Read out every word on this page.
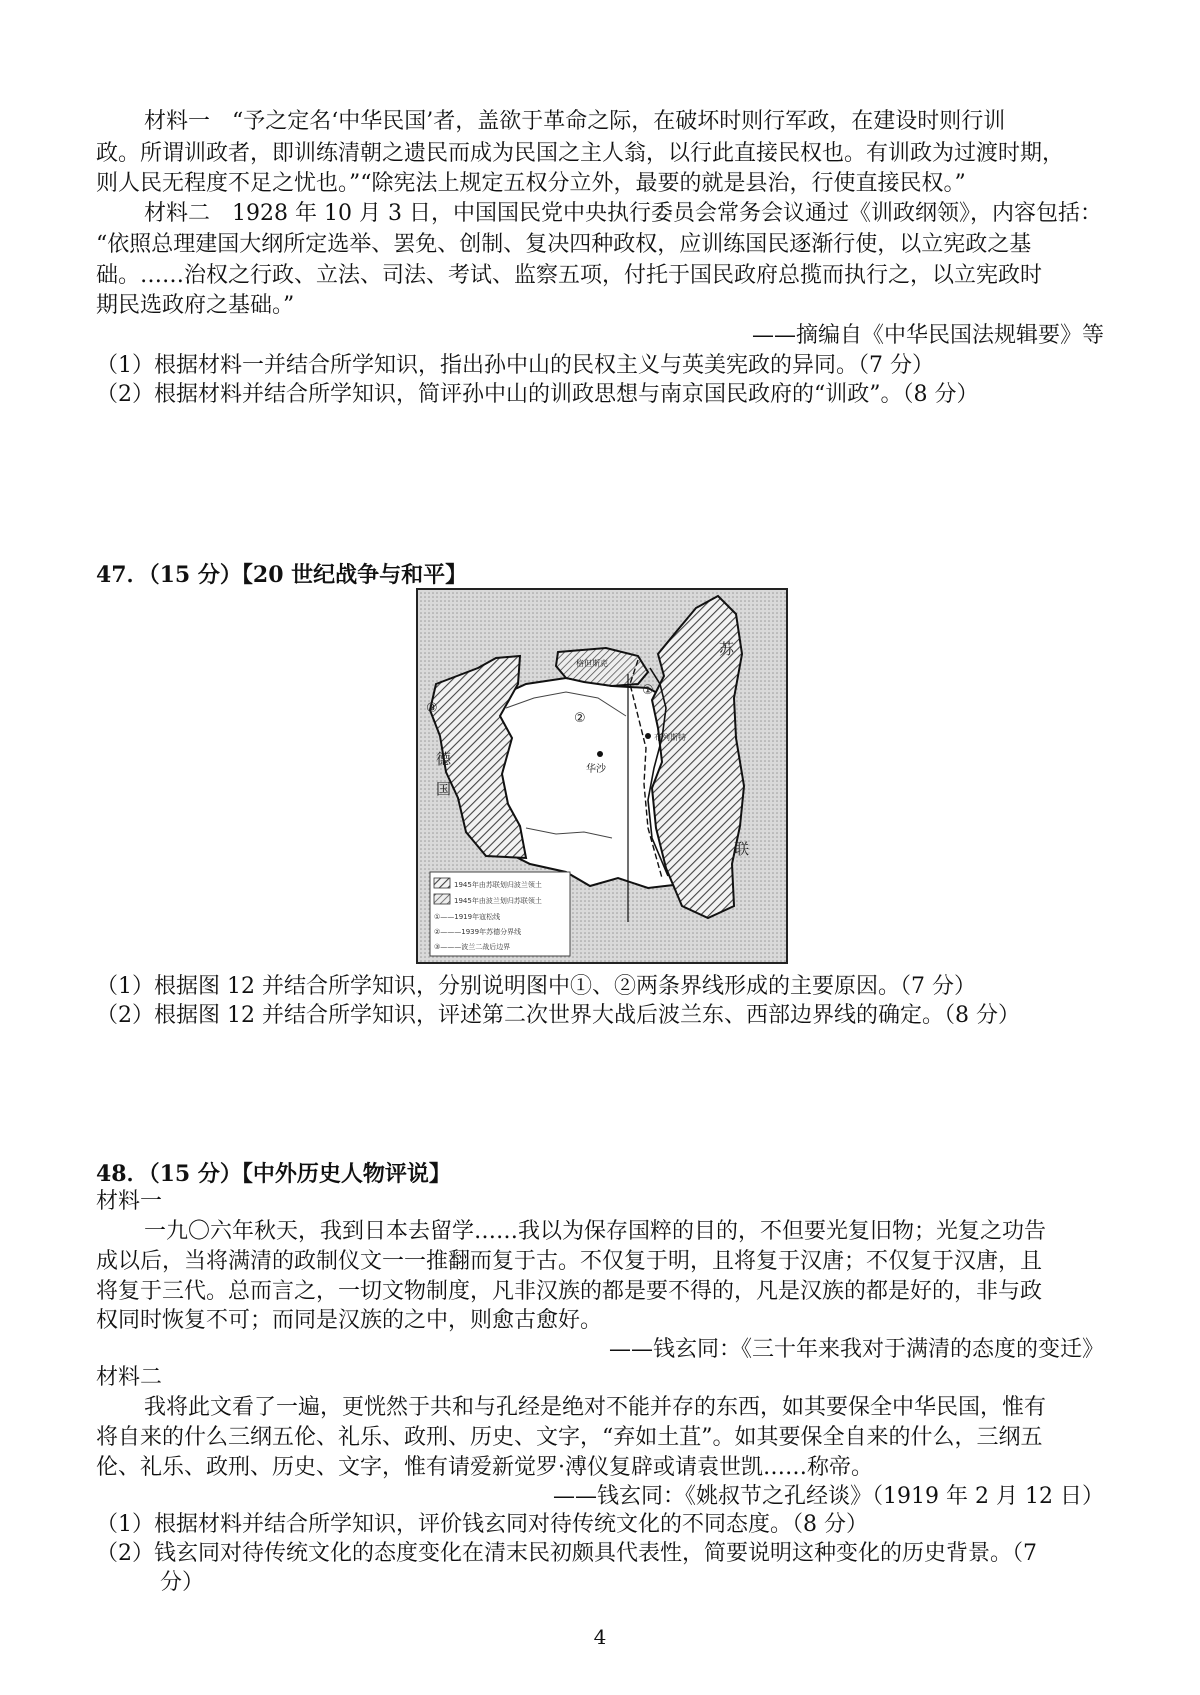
材料一　“予之定名‘中华民国’者，盖欲于革命之际，在破坏时则行军政，在建设时则行训
政。所谓训政者，即训练清朝之遗民而成为民国之主人翁，以行此直接民权也。有训政为过渡时期，
则人民无程度不足之忧也。”“除宪法上规定五权分立外，最要的就是县治，行使直接民权。”
材料二　1928 年 10 月 3 日，中国国民党中央执行委员会常务会议通过《训政纲领》，内容包括：
“依照总理建国大纲所定选举、罢免、创制、复决四种政权，应训练国民逐渐行使，以立宪政之基
础。……治权之行政、立法、司法、考试、监察五项，付托于国民政府总揽而执行之，以立宪政时
期民选政府之基础。”
——摘编自《中华民国法规辑要》等
（1）根据材料一并结合所学知识，指出孙中山的民权主义与英美宪政的异同。（7 分）
（2）根据材料并结合所学知识，简评孙中山的训政思想与南京国民政府的“训政”。（8 分）
47．（15 分）【20 世纪战争与和平】
苏
联
德
国
华沙
格但斯克
布列斯特
①
②
③
1945年由苏联划归波兰领土
1945年由波兰划归苏联领土
①——1919年寇松线
②———1939年苏德分界线
③———波兰二战后边界
（1）根据图 12 并结合所学知识，分别说明图中①、②两条界线形成的主要原因。（7 分）
（2）根据图 12 并结合所学知识，评述第二次世界大战后波兰东、西部边界线的确定。（8 分）
48．（15 分）【中外历史人物评说】
材料一
一九〇六年秋天，我到日本去留学……我以为保存国粹的目的，不但要光复旧物；光复之功告
成以后，当将满清的政制仪文一一推翻而复于古。不仅复于明，且将复于汉唐；不仅复于汉唐，且
将复于三代。总而言之，一切文物制度，凡非汉族的都是要不得的，凡是汉族的都是好的，非与政
权同时恢复不可；而同是汉族的之中，则愈古愈好。
——钱玄同：《三十年来我对于满清的态度的变迁》
材料二
我将此文看了一遍，更恍然于共和与孔经是绝对不能并存的东西，如其要保全中华民国，惟有
将自来的什么三纲五伦、礼乐、政刑、历史、文字，“弃如土苴”。如其要保全自来的什么，三纲五
伦、礼乐、政刑、历史、文字，惟有请爱新觉罗·溥仪复辟或请袁世凯……称帝。
——钱玄同：《姚叔节之孔经谈》（1919 年 2 月 12 日）
（1）根据材料并结合所学知识，评价钱玄同对待传统文化的不同态度。（8 分）
（2）钱玄同对待传统文化的态度变化在清末民初颇具代表性，简要说明这种变化的历史背景。（7
分）
4
